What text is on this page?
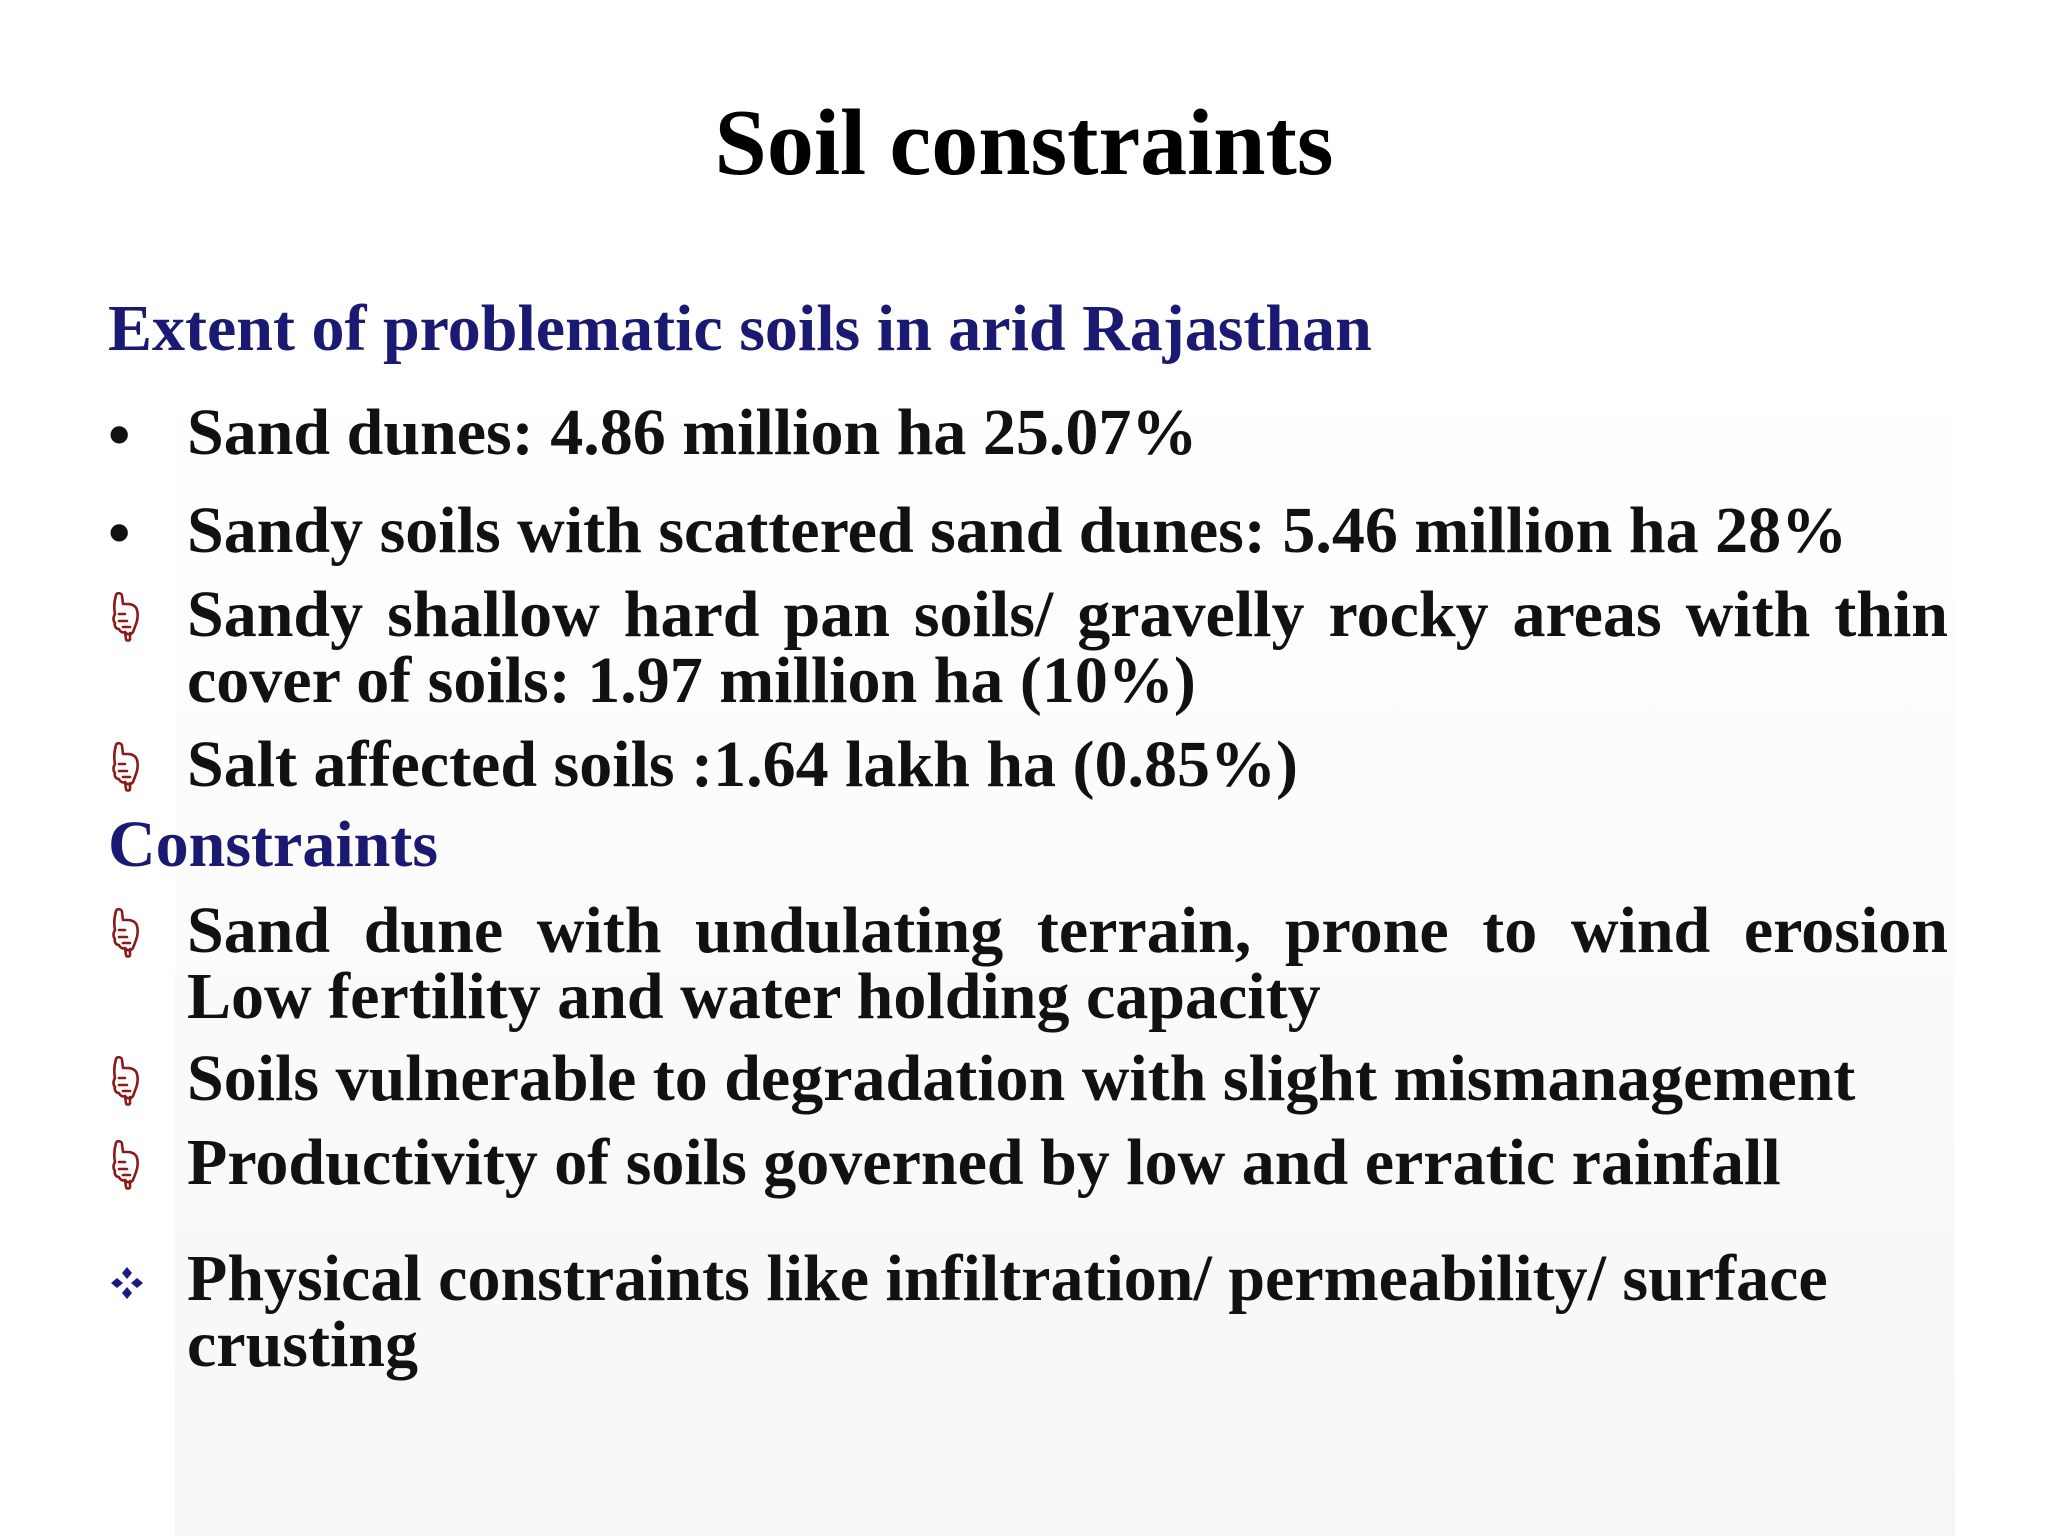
Soil constraints
Extent of problematic soils in arid Rajasthan
• Sand dunes: 4.86 million ha 25.07%
• Sandy soils with scattered sand dunes: 5.46 million ha 28%
Sandy shallow hard pan soils/ gravelly rocky areas with thin cover of soils: 1.97 million ha (10%)
Salt affected soils :1.64 lakh ha (0.85%)
Constraints
Sand dune with undulating terrain, prone to wind erosion Low fertility and water holding capacity
Soils vulnerable to degradation with slight mismanagement
Productivity of soils governed by low and erratic rainfall
Physical constraints like infiltration/ permeability/ surface crusting
